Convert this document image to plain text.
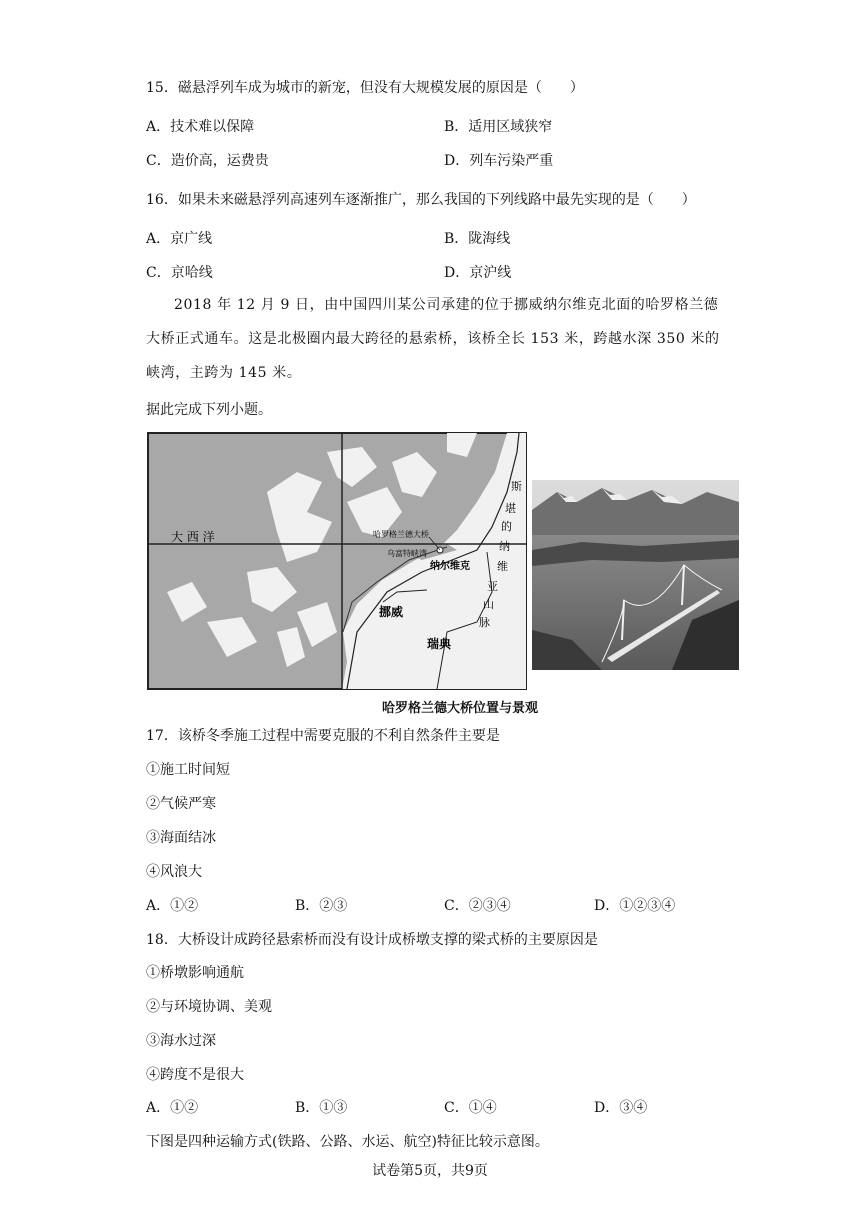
15．磁悬浮列车成为城市的新宠，但没有大规模发展的原因是（　　）
A．技术难以保障	B．适用区域狭窄
C．造价高，运费贵	D．列车污染严重
16．如果未来磁悬浮列高速列车逐渐推广，那么我国的下列线路中最先实现的是（　　）
A．京广线	B．陇海线
C．京哈线	D．京沪线
2018 年 12 月 9 日，由中国四川某公司承建的位于挪威纳尔维克北面的哈罗格兰德大桥正式通车。这是北极圈内最大跨径的悬索桥，该桥全长 153 米，跨越水深 350 米的峡湾，主跨为 145 米。
据此完成下列小题。
大 西 洋	哈罗格兰德大桥
乌富特峡湾
纳尔维克
挪威
瑞典
斯
堪
的
纳
维
亚
山
脉
哈罗格兰德大桥位置与景观
17．该桥冬季施工过程中需要克服的不利自然条件主要是
①施工时间短
②气候严寒
③海面结冰
④风浪大
A．①②	B．②③	C．②③④	D．①②③④
18．大桥设计成跨径悬索桥而没有设计成桥墩支撑的梁式桥的主要原因是
①桥墩影响通航
②与环境协调、美观
③海水过深
④跨度不是很大
A．①②	B．①③	C．①④	D．③④
下图是四种运输方式(铁路、公路、水运、航空)特征比较示意图。
试卷第5页，共9页
